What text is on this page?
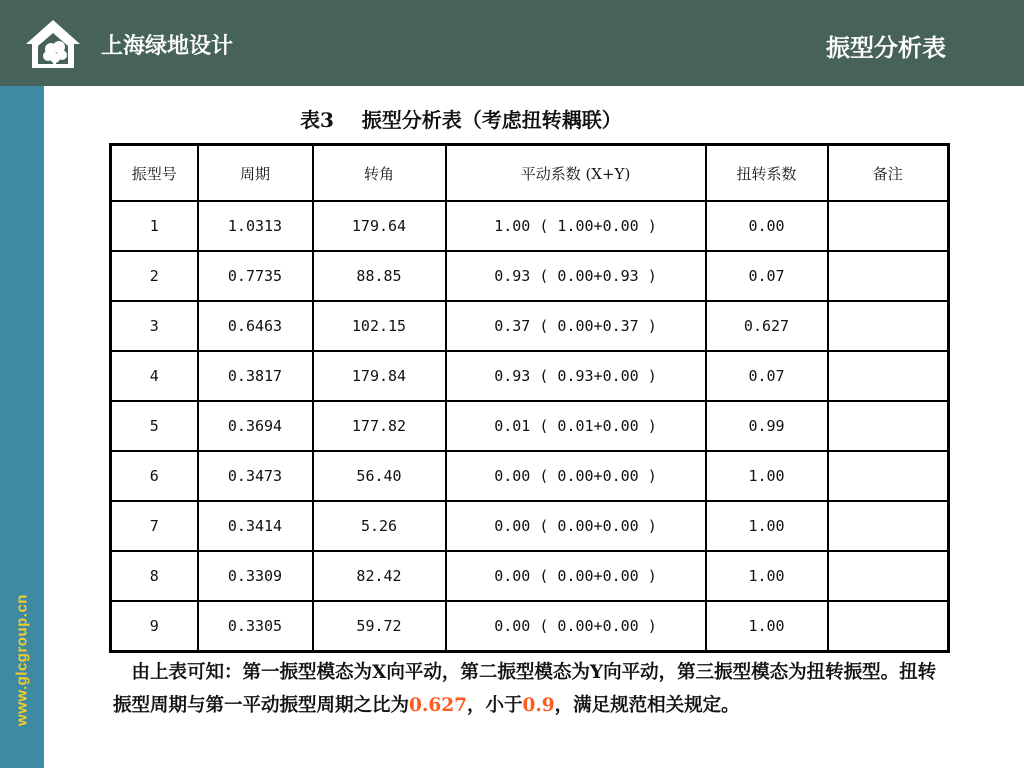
上海绿地设计	振型分析表
www.glcgroup.cn
表3    振型分析表（考虑扭转耦联）
振型号	周期	转角	平动系数 (X+Y)	扭转系数	备注
1	1.0313	179.64	1.00 ( 1.00+0.00 )	0.00	
2	0.7735	88.85	0.93 ( 0.00+0.93 )	0.07	
3	0.6463	102.15	0.37 ( 0.00+0.37 )	0.627	
4	0.3817	179.84	0.93 ( 0.93+0.00 )	0.07	
5	0.3694	177.82	0.01 ( 0.01+0.00 )	0.99	
6	0.3473	56.40	0.00 ( 0.00+0.00 )	1.00	
7	0.3414	5.26	0.00 ( 0.00+0.00 )	1.00	
8	0.3309	82.42	0.00 ( 0.00+0.00 )	1.00	
9	0.3305	59.72	0.00 ( 0.00+0.00 )	1.00	
　由上表可知：第一振型模态为X向平动，第二振型模态为Y向平动，第三振型模态为扭转振型。扭转振型周期与第一平动振型周期之比为0.627，小于0.9，满足规范相关规定。
